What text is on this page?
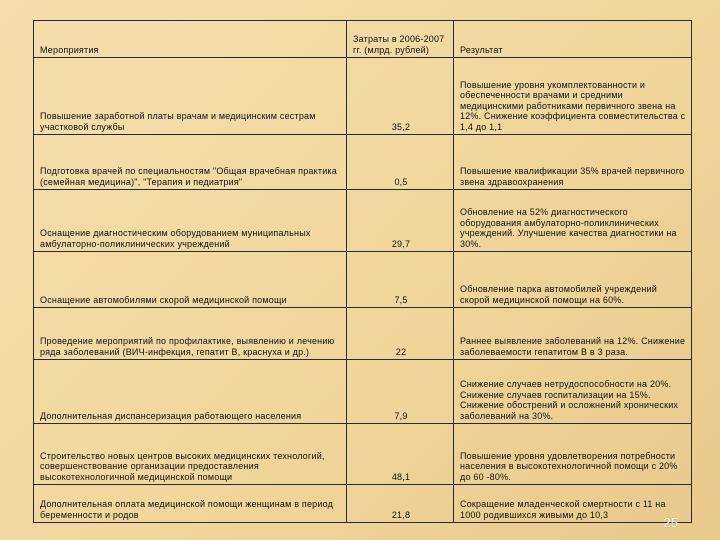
Мероприятия	Затраты в 2006-2007 гг. (млрд. рублей)	Результат
Повышение заработной платы врачам и медицинским сестрам участковой службы	35,2	Повышение уровня укомплектованности и обеспеченности врачами и средними медицинскими работниками первичного звена на 12%. Снижение коэффициента совместительства с 1,4 до 1,1
Подготовка врачей по специальностям "Общая врачебная практика (семейная медицина)", "Терапия и педиатрия"	0,5	Повышение квалификации 35% врачей первичного звена здравоохранения
Оснащение диагностическим оборудованием муниципальных амбулаторно-поликлинических учреждений	29,7	Обновление на 52% диагностического оборудования амбулаторно-поликлинических учреждений. Улучшение качества диагностики на 30%.
Оснащение автомобилями скорой медицинской помощи	7,5	Обновление парка автомобилей учреждений скорой медицинской помощи на 60%.
Проведение мероприятий по профилактике, выявлению и лечению ряда заболеваний (ВИЧ-инфекция, гепатит В, краснуха и др.)	22	Раннее выявление заболеваний на 12%. Снижение заболеваемости гепатитом В в 3 раза.
Дополнительная диспансеризация работающего населения	7,9	Снижение случаев нетрудоспособности на 20%. Снижение случаев госпитализации на 15%. Снижение обострений и осложнений хронических заболеваний на 30%.
Строительство новых центров высоких медицинских технологий, совершенствование организации предоставления высокотехнологичной медицинской помощи	48,1	Повышение уровня удовлетворения потребности населения в высокотехнологичной помощи с 20% до 60 -80%.
Дополнительная оплата медицинской помощи женщинам в период беременности и родов	21,8	Сокращение младенческой смертности с 11 на 1000 родившихся живыми до 10,3
25
